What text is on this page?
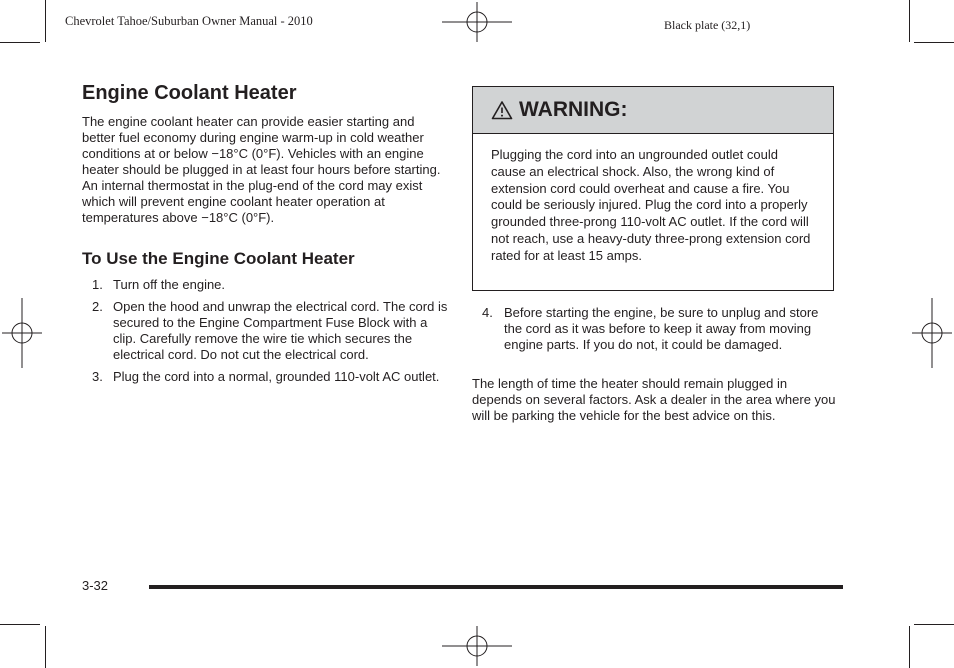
Chevrolet Tahoe/Suburban Owner Manual - 2010	Black plate (32,1)
Engine Coolant Heater

The engine coolant heater can provide easier starting and better fuel economy during engine warm-up in cold weather conditions at or below −18°C (0°F). Vehicles with an engine heater should be plugged in at least four hours before starting. An internal thermostat in the plug-end of the cord may exist which will prevent engine coolant heater operation at temperatures above −18°C (0°F).

To Use the Engine Coolant Heater
1. Turn off the engine.
2. Open the hood and unwrap the electrical cord. The cord is secured to the Engine Compartment Fuse Block with a clip. Carefully remove the wire tie which secures the electrical cord. Do not cut the electrical cord.
3. Plug the cord into a normal, grounded 110-volt AC outlet.
WARNING:
Plugging the cord into an ungrounded outlet could cause an electrical shock. Also, the wrong kind of extension cord could overheat and cause a fire. You could be seriously injured. Plug the cord into a properly grounded three-prong 110-volt AC outlet. If the cord will not reach, use a heavy-duty three-prong extension cord rated for at least 15 amps.
4. Before starting the engine, be sure to unplug and store the cord as it was before to keep it away from moving engine parts. If you do not, it could be damaged.

The length of time the heater should remain plugged in depends on several factors. Ask a dealer in the area where you will be parking the vehicle for the best advice on this.

3-32
